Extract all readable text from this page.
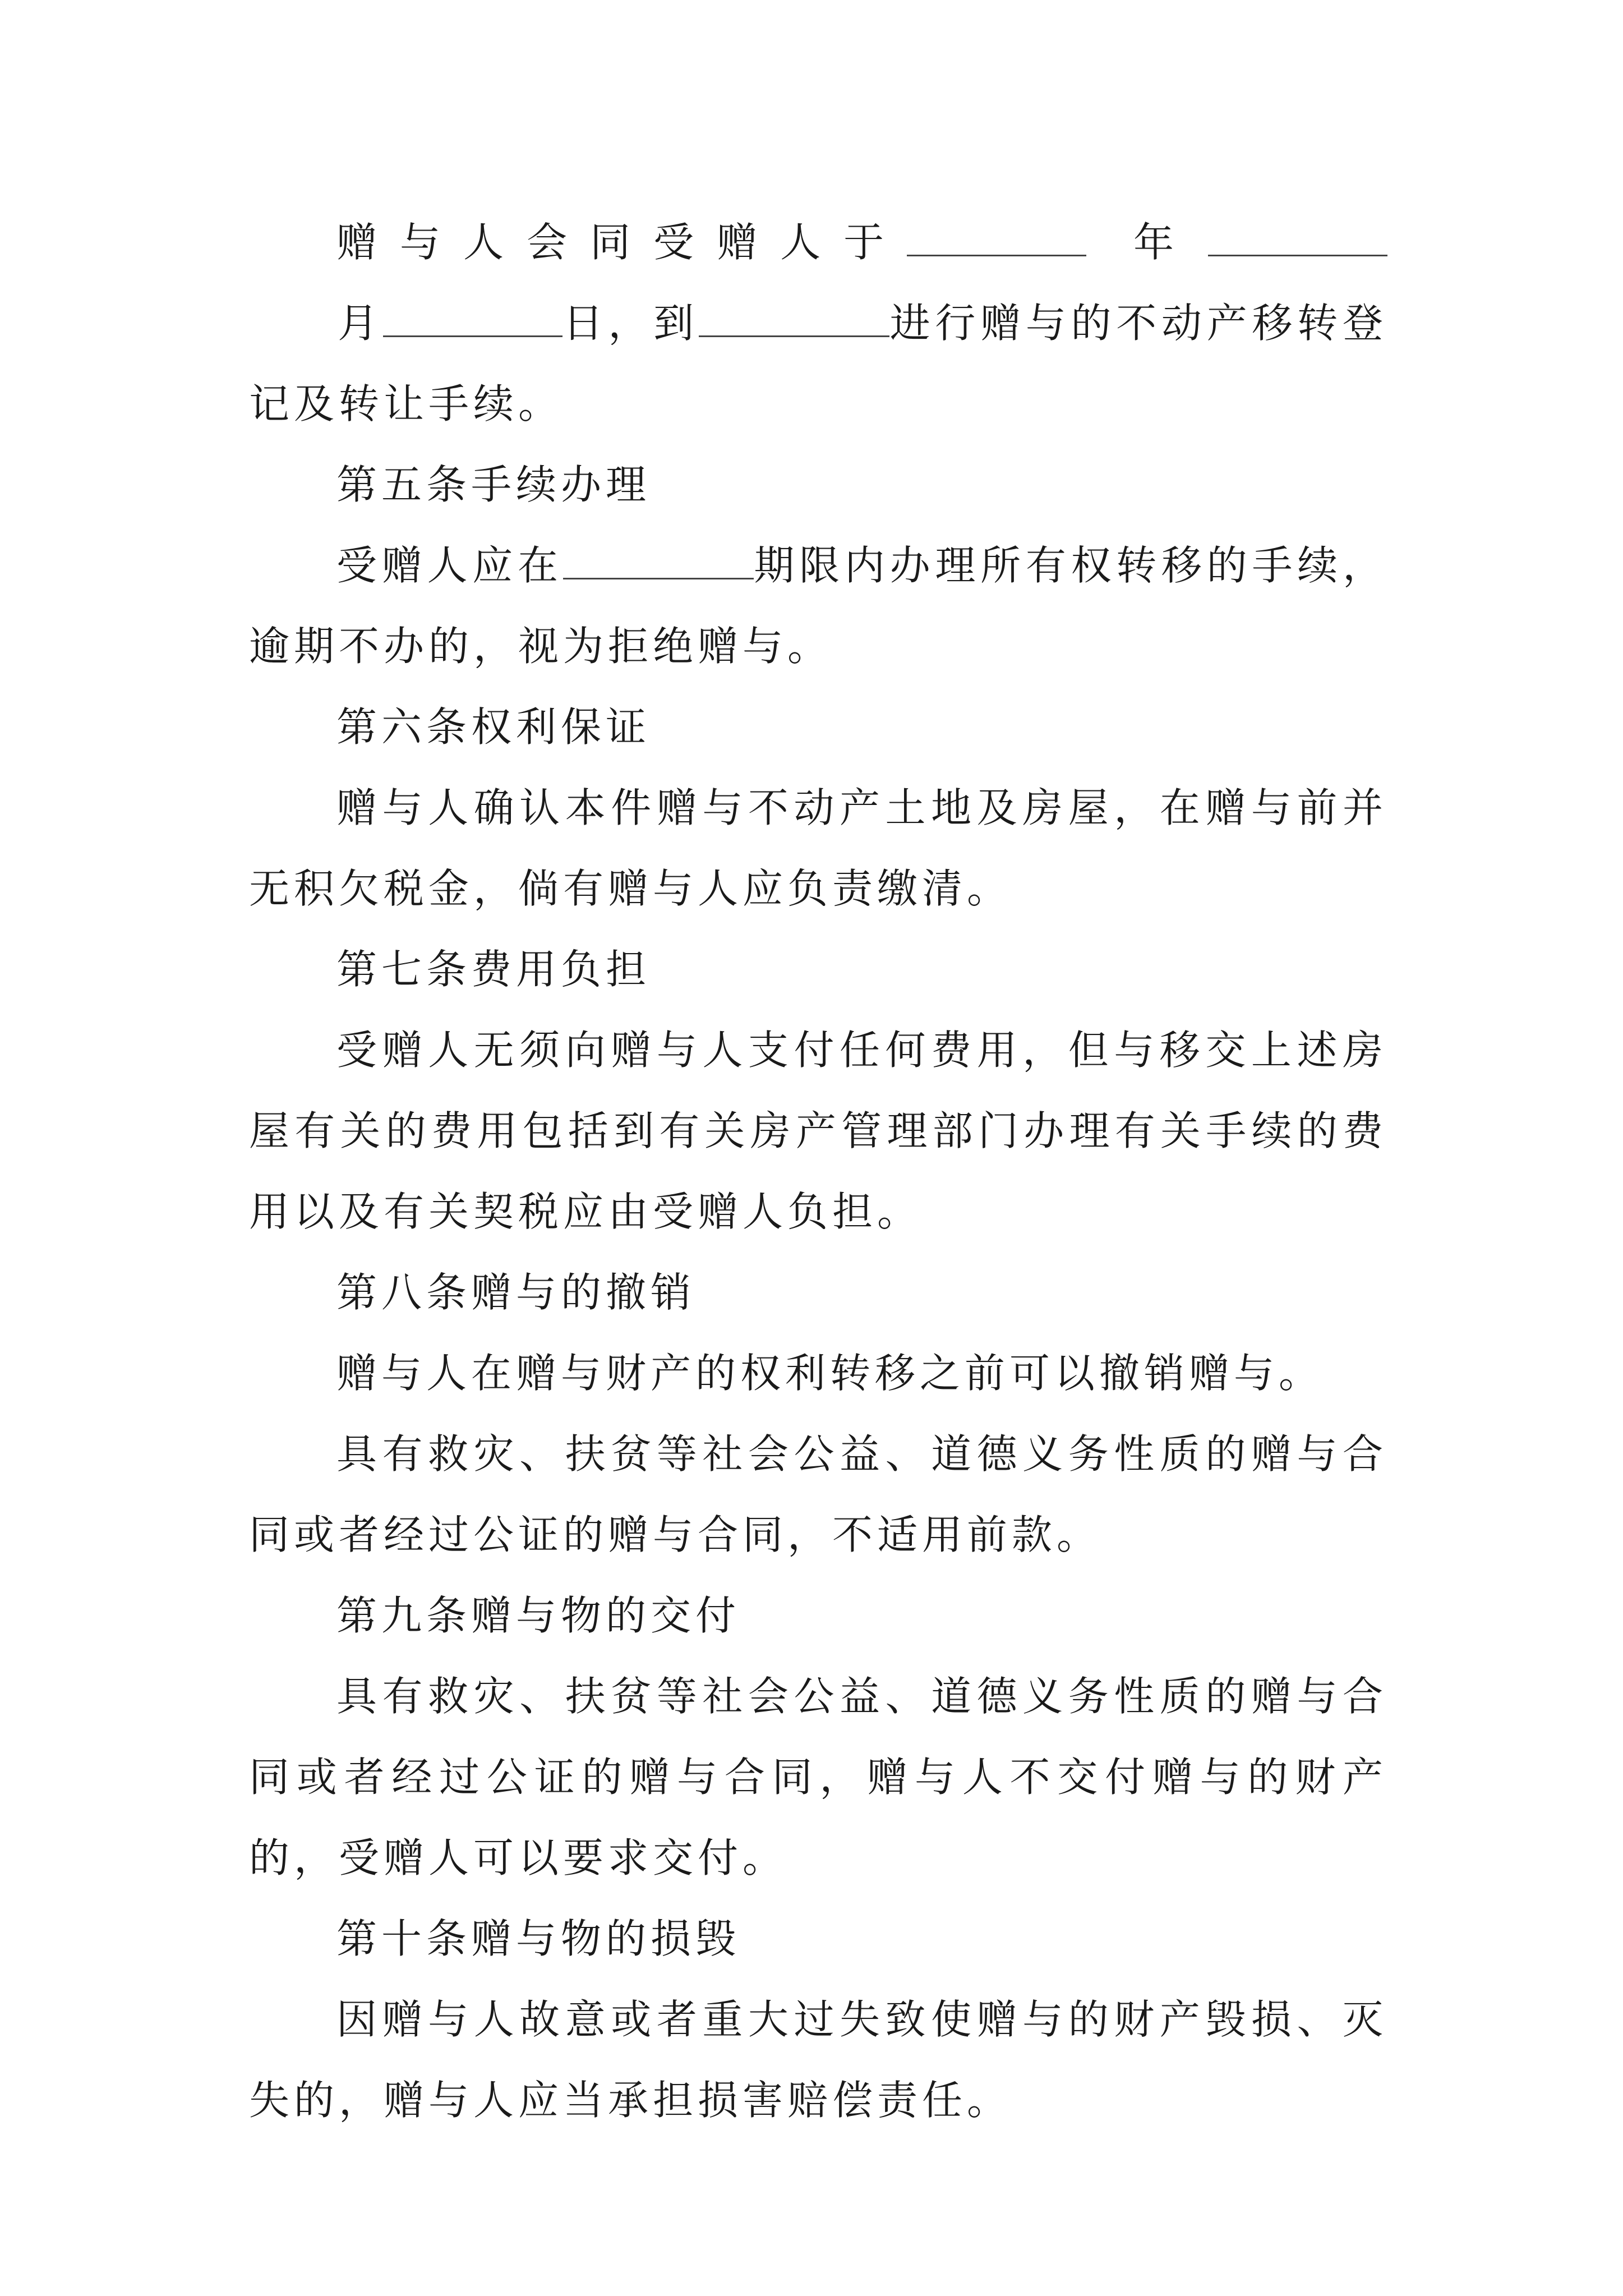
赠与人会同受赠人于	年      月	日，到	进行赠与的不动产移转登记及转让手续。

第五条手续办理

受赠人应在	期限内办理所有权转移的手续，逾期不办的，视为拒绝赠与。

第六条权利保证

赠与人确认本件赠与不动产土地及房屋，在赠与前并无积欠税金，倘有赠与人应负责缴清。

第七条费用负担

受赠人无须向赠与人支付任何费用，但与移交上述房屋有关的费用包括到有关房产管理部门办理有关手续的费用以及有关契税应由受赠人负担。

第八条赠与的撤销

赠与人在赠与财产的权利转移之前可以撤销赠与。

具有救灾、扶贫等社会公益、道德义务性质的赠与合同或者经过公证的赠与合同，不适用前款。

第九条赠与物的交付

具有救灾、扶贫等社会公益、道德义务性质的赠与合同或者经过公证的赠与合同，赠与人不交付赠与的财产的，受赠人可以要求交付。

第十条赠与物的损毁

因赠与人故意或者重大过失致使赠与的财产毁损、灭失的，赠与人应当承担损害赔偿责任。
